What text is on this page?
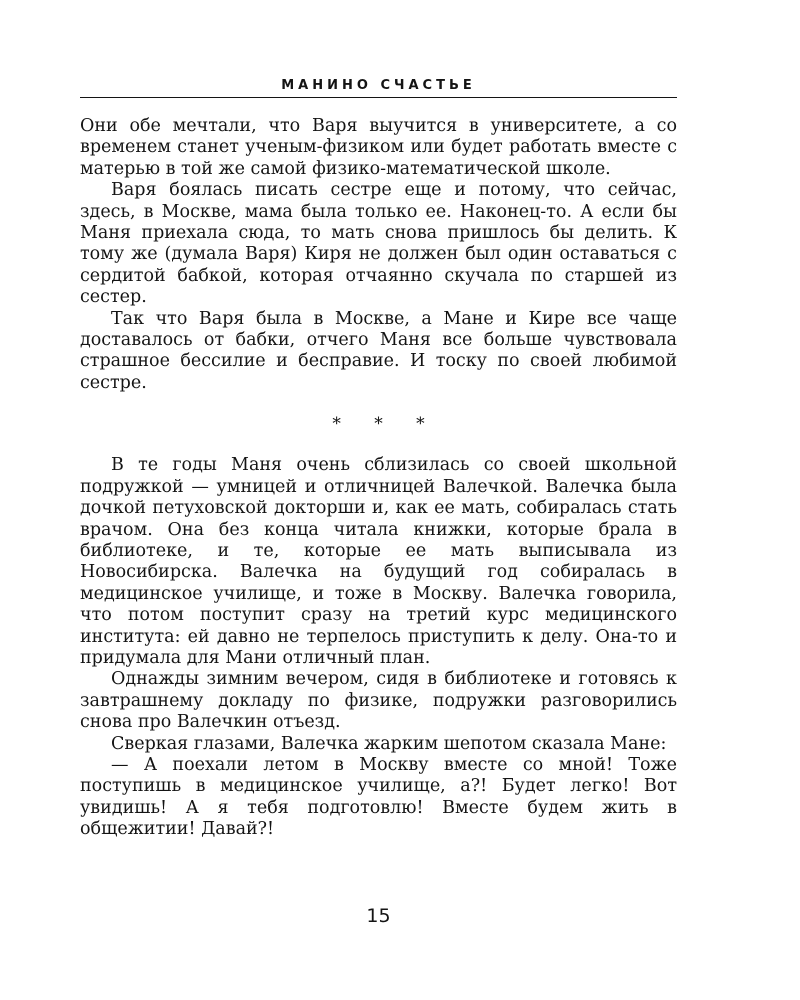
МАНИНО СЧАСТЬЕ

Они обе мечтали, что Варя выучится в университете, а со временем станет ученым-физиком или будет работать вместе с матерью в той же самой физико-математической школе.

Варя боялась писать сестре еще и потому, что сейчас, здесь, в Москве, мама была только ее. Наконец-то. А если бы Маня приехала сюда, то мать снова пришлось бы делить. К тому же (думала Варя) Киря не должен был один оставаться с сердитой бабкой, которая отчаянно скучала по старшей из сестер.

Так что Варя была в Москве, а Мане и Кире все чаще доставалось от бабки, отчего Маня все больше чувствовала страшное бессилие и бесправие. И тоску по своей любимой сестре.

* * *

В те годы Маня очень сблизилась со своей школьной подружкой — умницей и отличницей Валечкой. Валечка была дочкой петуховской докторши и, как ее мать, собиралась стать врачом. Она без конца читала книжки, которые брала в библиотеке, и те, которые ее мать выписывала из Новосибирска. Валечка на будущий год собиралась в медицинское училище, и тоже в Москву. Валечка говорила, что потом поступит сразу на третий курс медицинского института: ей давно не терпелось приступить к делу. Она-то и придумала для Мани отличный план.

Однажды зимним вечером, сидя в библиотеке и готовясь к завтрашнему докладу по физике, подружки разговорились снова про Валечкин отъезд.

Сверкая глазами, Валечка жарким шепотом сказала Мане:

— А поехали летом в Москву вместе со мной! Тоже поступишь в медицинское училище, а?! Будет легко! Вот увидишь! А я тебя подготовлю! Вместе будем жить в общежитии! Давай?!

15
